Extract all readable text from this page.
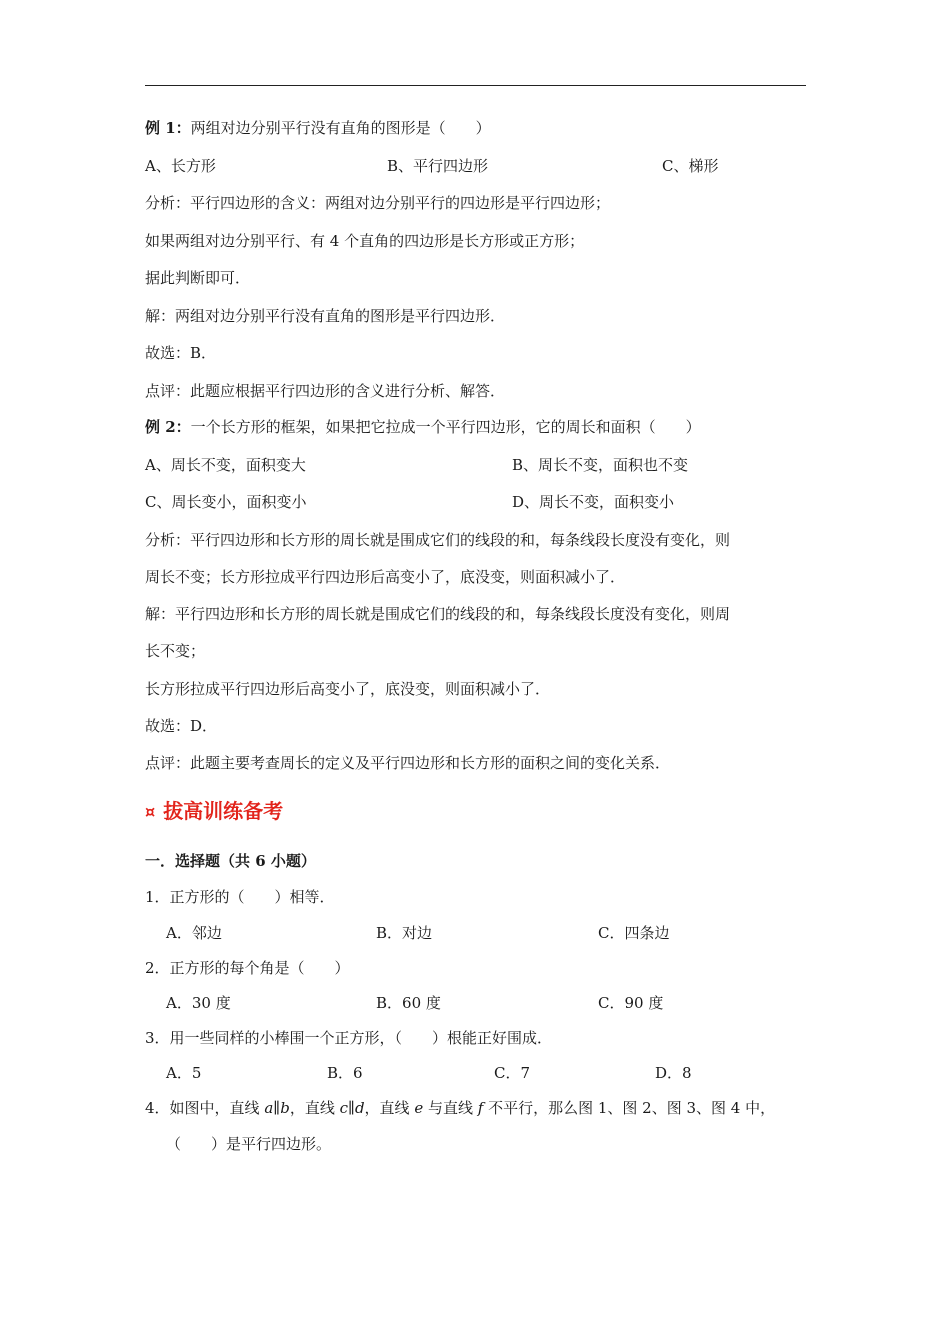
例 1：两组对边分别平行没有直角的图形是（　　）
A、长方形	B、平行四边形	C、梯形
分析：平行四边形的含义：两组对边分别平行的四边形是平行四边形；
如果两组对边分别平行、有 4 个直角的四边形是长方形或正方形；
据此判断即可．
解：两组对边分别平行没有直角的图形是平行四边形．
故选：B．
点评：此题应根据平行四边形的含义进行分析、解答．
例 2：一个长方形的框架，如果把它拉成一个平行四边形，它的周长和面积（　　）
A、周长不变，面积变大	B、周长不变，面积也不变
C、周长变小，面积变小	D、周长不变，面积变小
分析：平行四边形和长方形的周长就是围成它们的线段的和，每条线段长度没有变化，则
周长不变；长方形拉成平行四边形后高变小了，底没变，则面积减小了．
解：平行四边形和长方形的周长就是围成它们的线段的和，每条线段长度没有变化，则周
长不变；
长方形拉成平行四边形后高变小了，底没变，则面积减小了．
故选：D．
点评：此题主要考查周长的定义及平行四边形和长方形的面积之间的变化关系．
¤ 拔高训练备考
一．选择题（共 6 小题）
1．正方形的（　　）相等．
A．邻边	B．对边	C．四条边
2．正方形的每个角是（　　）
A．30 度	B．60 度	C．90 度
3．用一些同样的小棒围一个正方形，（　　）根能正好围成．
A．5	B．6	C．7	D．8
4．如图中，直线 a∥b，直线 c∥d，直线 e 与直线 f 不平行，那么图 1、图 2、图 3、图 4 中，
（　　）是平行四边形。
